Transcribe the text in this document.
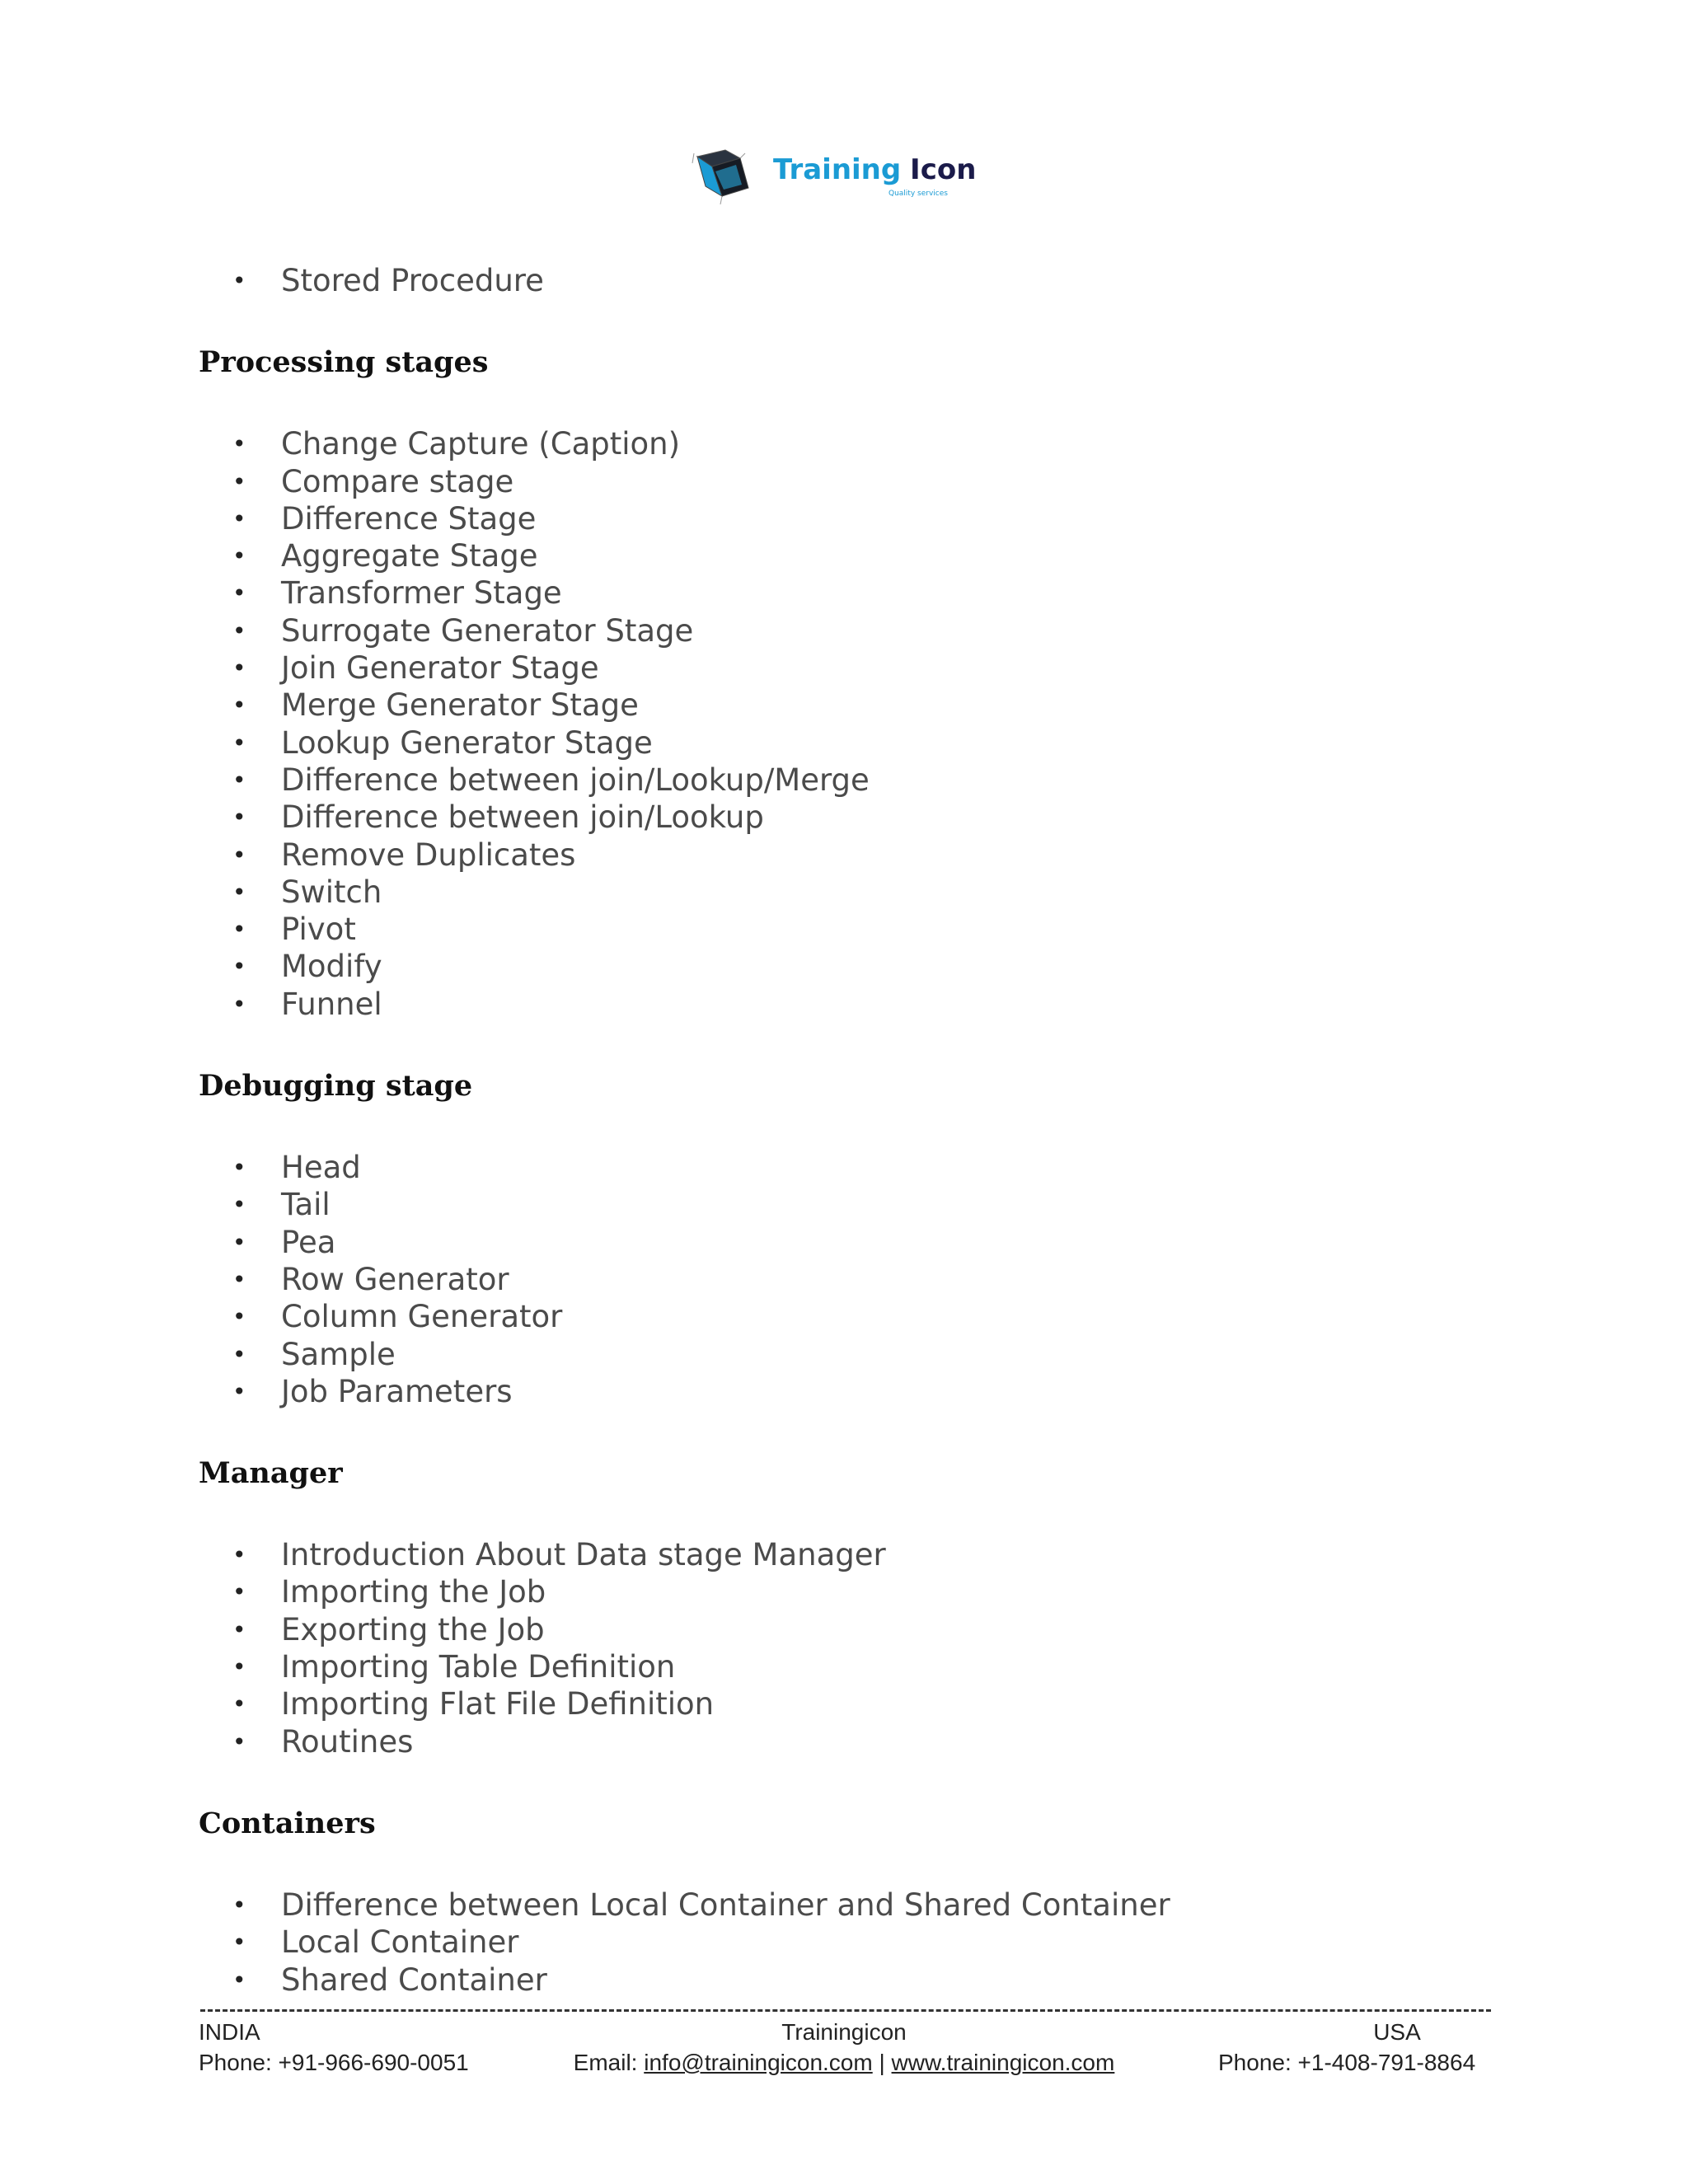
Training Icon
Quality services
• Stored Procedure
Processing stages
• Change Capture (Caption)
• Compare stage
• Difference Stage
• Aggregate Stage
• Transformer Stage
• Surrogate Generator Stage
• Join Generator Stage
• Merge Generator Stage
• Lookup Generator Stage
• Difference between join/Lookup/Merge
• Difference between join/Lookup
• Remove Duplicates
• Switch
• Pivot
• Modify
• Funnel
Debugging stage
• Head
• Tail
• Pea
• Row Generator
• Column Generator
• Sample
• Job Parameters
Manager
• Introduction About Data stage Manager
• Importing the Job
• Exporting the Job
• Importing Table Definition
• Importing Flat File Definition
• Routines
Containers
• Difference between Local Container and Shared Container
• Local Container
• Shared Container
INDIA
Phone: +91-966-690-0051
Trainingicon
Email: info@trainingicon.com | www.trainingicon.com
USA
Phone: +1-408-791-8864
